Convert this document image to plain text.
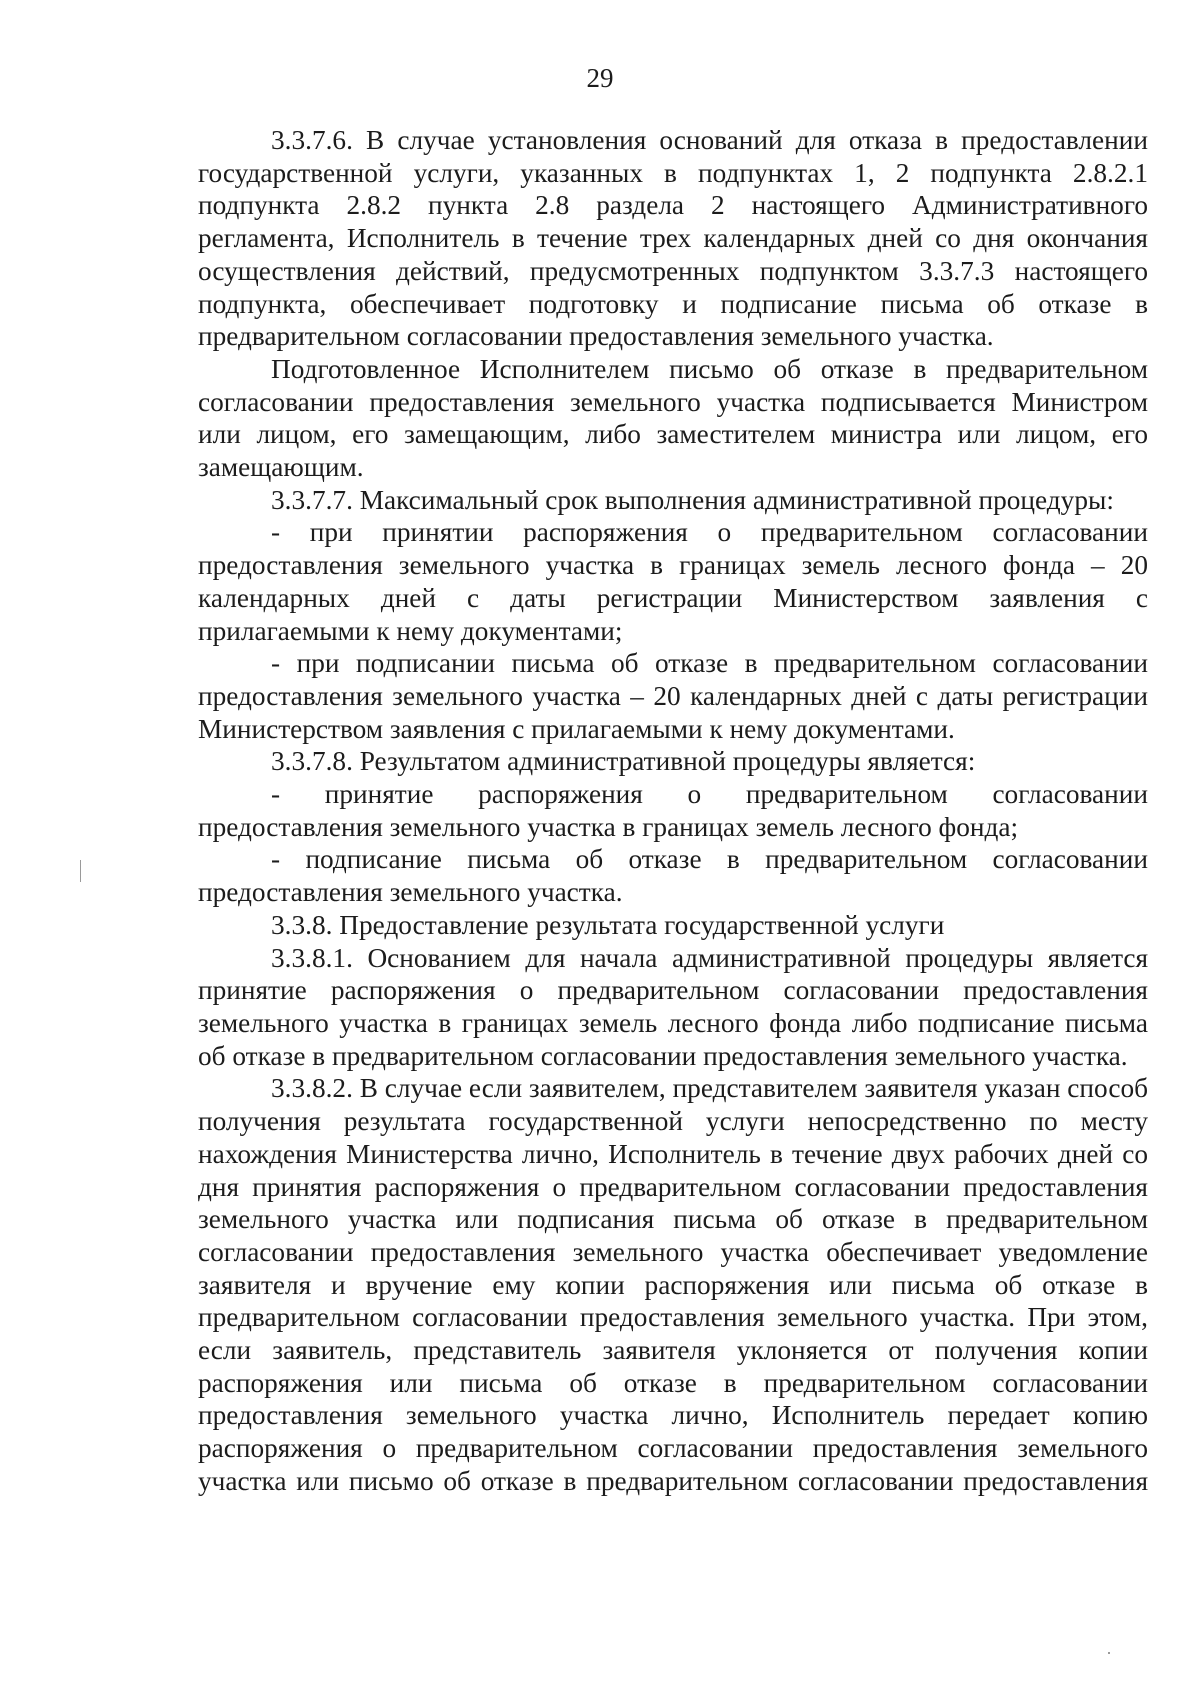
29

3.3.7.6. В случае установления оснований для отказа в предоставлении государственной услуги, указанных в подпунктах 1, 2 подпункта 2.8.2.1 подпункта 2.8.2 пункта 2.8 раздела 2 настоящего Административного регламента, Исполнитель в течение трех календарных дней со дня окончания осуществления действий, предусмотренных подпунктом 3.3.7.3 настоящего подпункта, обеспечивает подготовку и подписание письма об отказе в предварительном согласовании предоставления земельного участка.

Подготовленное Исполнителем письмо об отказе в предварительном согласовании предоставления земельного участка подписывается Министром или лицом, его замещающим, либо заместителем министра или лицом, его замещающим.

3.3.7.7. Максимальный срок выполнения административной процедуры:

- при принятии распоряжения о предварительном согласовании предоставления земельного участка в границах земель лесного фонда – 20 календарных дней с даты регистрации Министерством заявления с прилагаемыми к нему документами;

- при подписании письма об отказе в предварительном согласовании предоставления земельного участка – 20 календарных дней с даты регистрации Министерством заявления с прилагаемыми к нему документами.

3.3.7.8. Результатом административной процедуры является:

- принятие распоряжения о предварительном согласовании предоставления земельного участка в границах земель лесного фонда;

- подписание письма об отказе в предварительном согласовании предоставления земельного участка.

3.3.8. Предоставление результата государственной услуги

3.3.8.1. Основанием для начала административной процедуры является принятие распоряжения о предварительном согласовании предоставления земельного участка в границах земель лесного фонда либо подписание письма об отказе в предварительном согласовании предоставления земельного участка.

3.3.8.2. В случае если заявителем, представителем заявителя указан способ получения результата государственной услуги непосредственно по месту нахождения Министерства лично, Исполнитель в течение двух рабочих дней со дня принятия распоряжения о предварительном согласовании предоставления земельного участка или подписания письма об отказе в предварительном согласовании предоставления земельного участка обеспечивает уведомление заявителя и вручение ему копии распоряжения или письма об отказе в предварительном согласовании предоставления земельного участка. При этом, если заявитель, представитель заявителя уклоняется от получения копии распоряжения или письма об отказе в предварительном согласовании предоставления земельного участка лично, Исполнитель передает копию распоряжения о предварительном согласовании предоставления земельного участка или письмо об отказе в предварительном согласовании предоставления
